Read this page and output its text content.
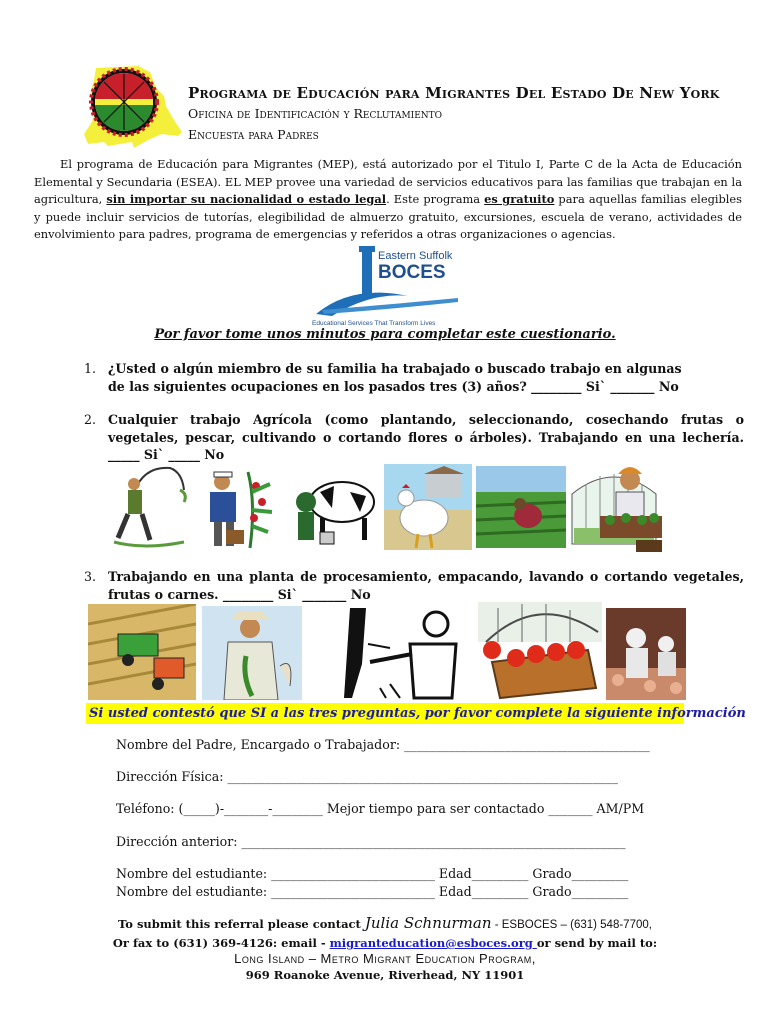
Programa de Educación para Migrantes Del Estado De New York
Oficina de Identificación y Reclutamiento
Encuesta para Padres
El programa de Educación para Migrantes (MEP), está autorizado por el Titulo I, Parte C de la Acta de Educación Elemental y Secundaria (ESEA). EL MEP provee una variedad de servicios educativos para las familias que trabajan en la agricultura, sin importar su nacionalidad o estado legal. Este programa es gratuito para aquellas familias elegibles y puede incluir servicios de tutorías, elegibilidad de almuerzo gratuito, excursiones, escuela de verano, actividades de envolvimiento para padres, programa de emergencias y referidos a otras organizaciones o agencias.
Eastern Suffolk
BOCES
Educational Services That Transform Lives
Por favor tome unos minutos para completar este cuestionario.
1. ¿Usted o algún miembro de su familia ha trabajado o buscado trabajo en algunas
de las siguientes ocupaciones en los pasados tres (3) años? ________ Si` _______ No
2. Cualquier trabajo Agrícola (como plantando, seleccionando, cosechando frutas o vegetales, pescar, cultivando o cortando flores o árboles). Trabajando en una lechería. _____ Si` _____ No
3. Trabajando en una planta de procesamiento, empacando, lavando o cortando vegetales, frutas o carnes. ________ Si` _______ No
Si usted contestó que SI a las tres preguntas, por favor complete la siguiente información
Nombre del Padre, Encargado o Trabajador: _______________________________________
Dirección Física: ______________________________________________________________
Teléfono: (_____)-_______-________ Mejor tiempo para ser contactado _______ AM/PM
Dirección anterior: _____________________________________________________________
Nombre del estudiante: __________________________ Edad_________ Grado_________
Nombre del estudiante: __________________________ Edad_________ Grado_________
To submit this referral please contact Julia Schnurman - ESBOCES – (631) 548-7700,
Or fax to (631) 369-4126: email - migranteducation@esboces.org or send by mail to:
Long Island – Metro Migrant Education Program,
969 Roanoke Avenue, Riverhead, NY 11901
